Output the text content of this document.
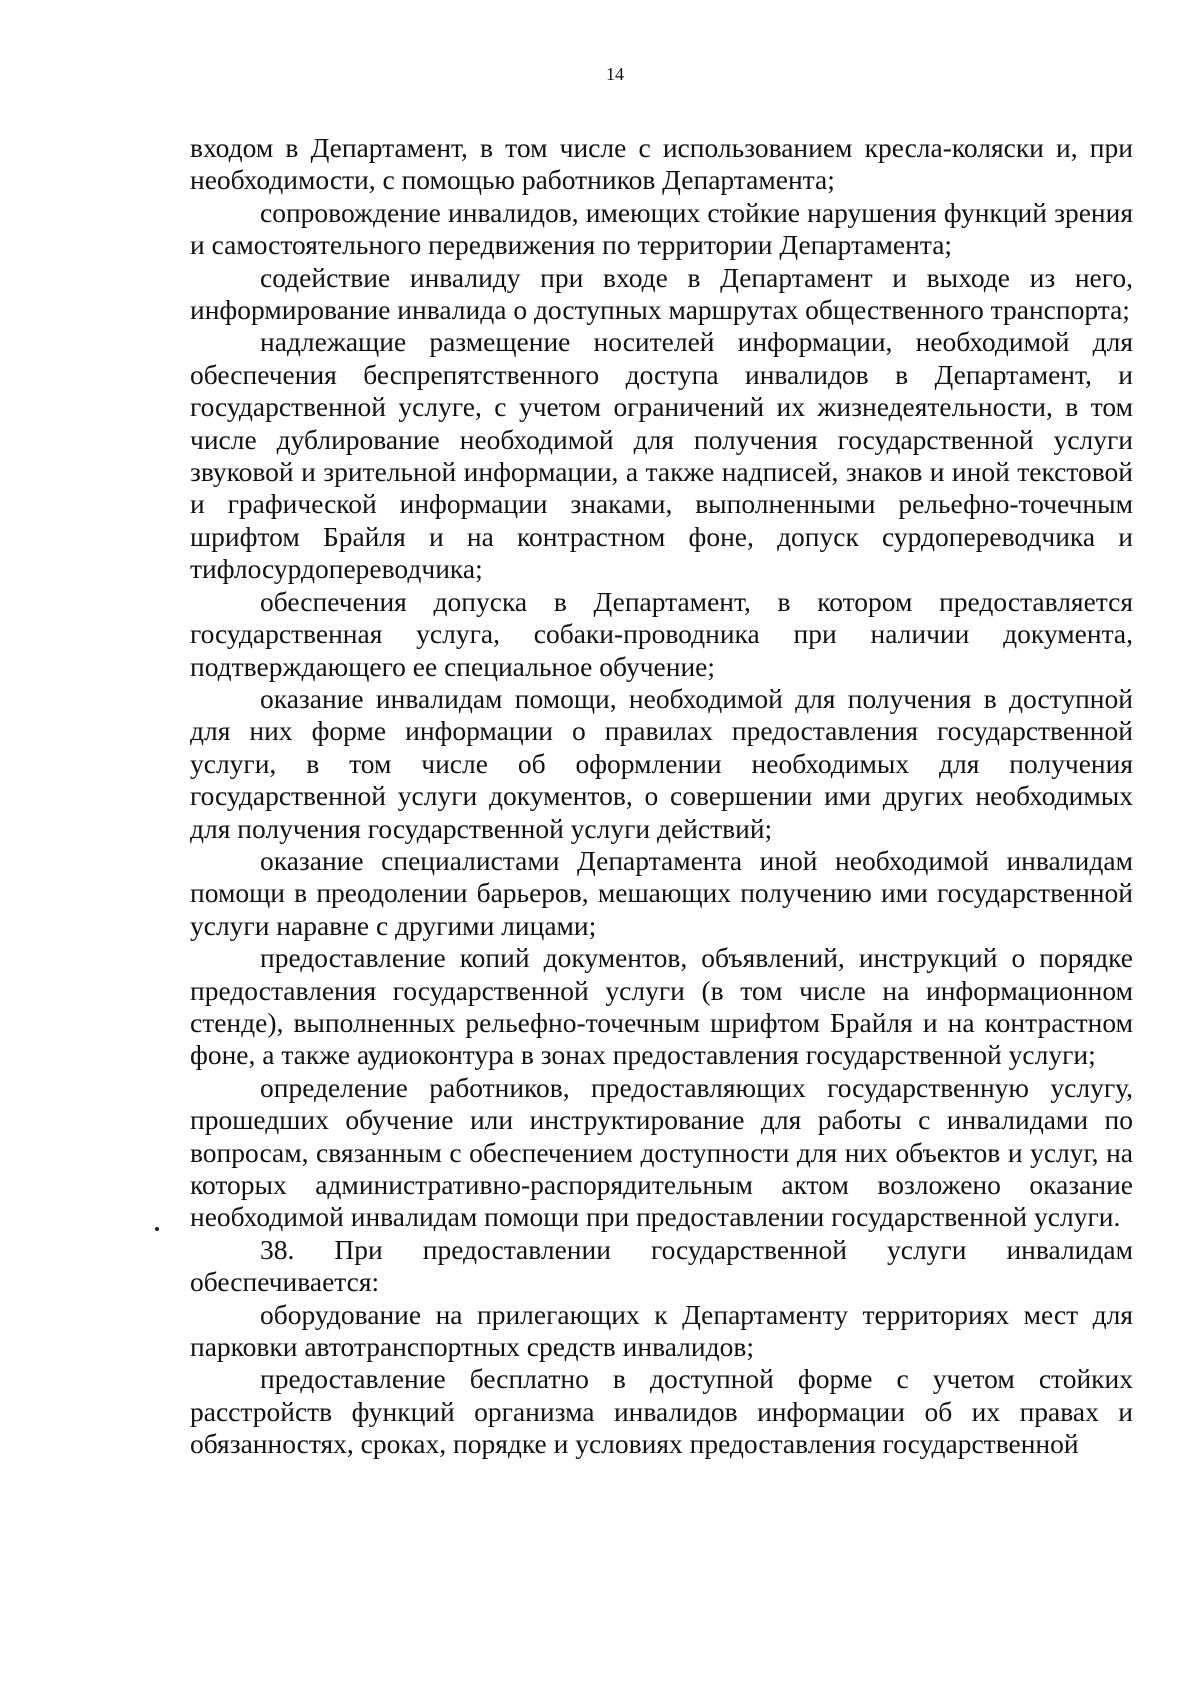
14

входом в Департамент, в том числе с использованием кресла-коляски и, при необходимости, с помощью работников Департамента;

сопровождение инвалидов, имеющих стойкие нарушения функций зрения и самостоятельного передвижения по территории Департамента;

содействие инвалиду при входе в Департамент и выходе из него, информирование инвалида о доступных маршрутах общественного транспорта;

надлежащие размещение носителей информации, необходимой для обеспечения беспрепятственного доступа инвалидов в Департамент, и государственной услуге, с учетом ограничений их жизнедеятельности, в том числе дублирование необходимой для получения государственной услуги звуковой и зрительной информации, а также надписей, знаков и иной текстовой и графической информации знаками, выполненными рельефно-точечным шрифтом Брайля и на контрастном фоне, допуск сурдопереводчика и тифлосурдопереводчика;

обеспечения допуска в Департамент, в котором предоставляется государственная услуга, собаки-проводника при наличии документа, подтверждающего ее специальное обучение;

оказание инвалидам помощи, необходимой для получения в доступной для них форме информации о правилах предоставления государственной услуги, в том числе об оформлении необходимых для получения государственной услуги документов, о совершении ими других необходимых для получения государственной услуги действий;

оказание специалистами Департамента иной необходимой инвалидам помощи в преодолении барьеров, мешающих получению ими государственной услуги наравне с другими лицами;

предоставление копий документов, объявлений, инструкций о порядке предоставления государственной услуги (в том числе на информационном стенде), выполненных рельефно-точечным шрифтом Брайля и на контрастном фоне, а также аудиоконтура в зонах предоставления государственной услуги;

определение работников, предоставляющих государственную услугу, прошедших обучение или инструктирование для работы с инвалидами по вопросам, связанным с обеспечением доступности для них объектов и услуг, на которых административно-распорядительным актом возложено оказание необходимой инвалидам помощи при предоставлении государственной услуги.

38. При предоставлении государственной услуги инвалидам обеспечивается:

оборудование на прилегающих к Департаменту территориях мест для парковки автотранспортных средств инвалидов;

предоставление бесплатно в доступной форме с учетом стойких расстройств функций организма инвалидов информации об их правах и обязанностях, сроках, порядке и условиях предоставления государственной
